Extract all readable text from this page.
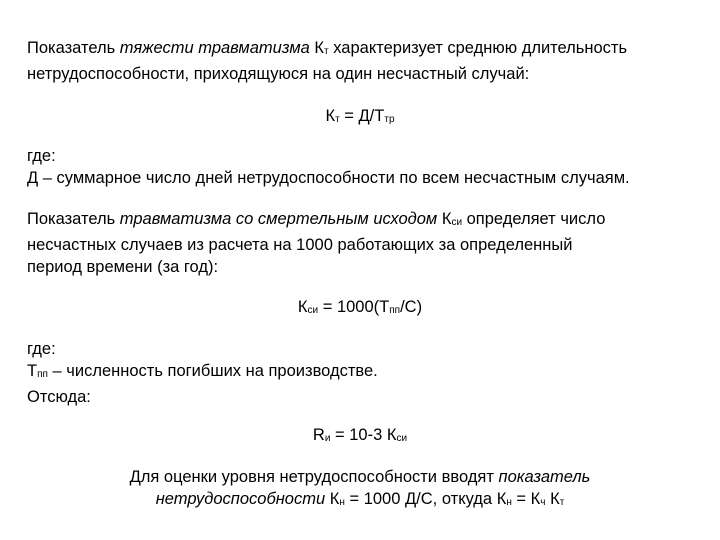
Показатель тяжести травматизма Кт характеризует среднюю длительность
нетрудоспособности, приходящуюся на один несчастный случай:

Кт = Д/Ттр

где:
Д – суммарное число дней нетрудоспособности по всем несчастным случаям.

Показатель травматизма со смертельным исходом Кси определяет число
несчастных случаев из расчета на 1000 работающих за определенный
период времени (за год):

Кси = 1000(Тпп/С)

где:
Тпп – численность погибших на производстве.
Отсюда:

Rи = 10-3 Кси

Для оценки уровня нетрудоспособности вводят показатель
нетрудоспособности Кн = 1000 Д/С, откуда Кн = Кч Кт
